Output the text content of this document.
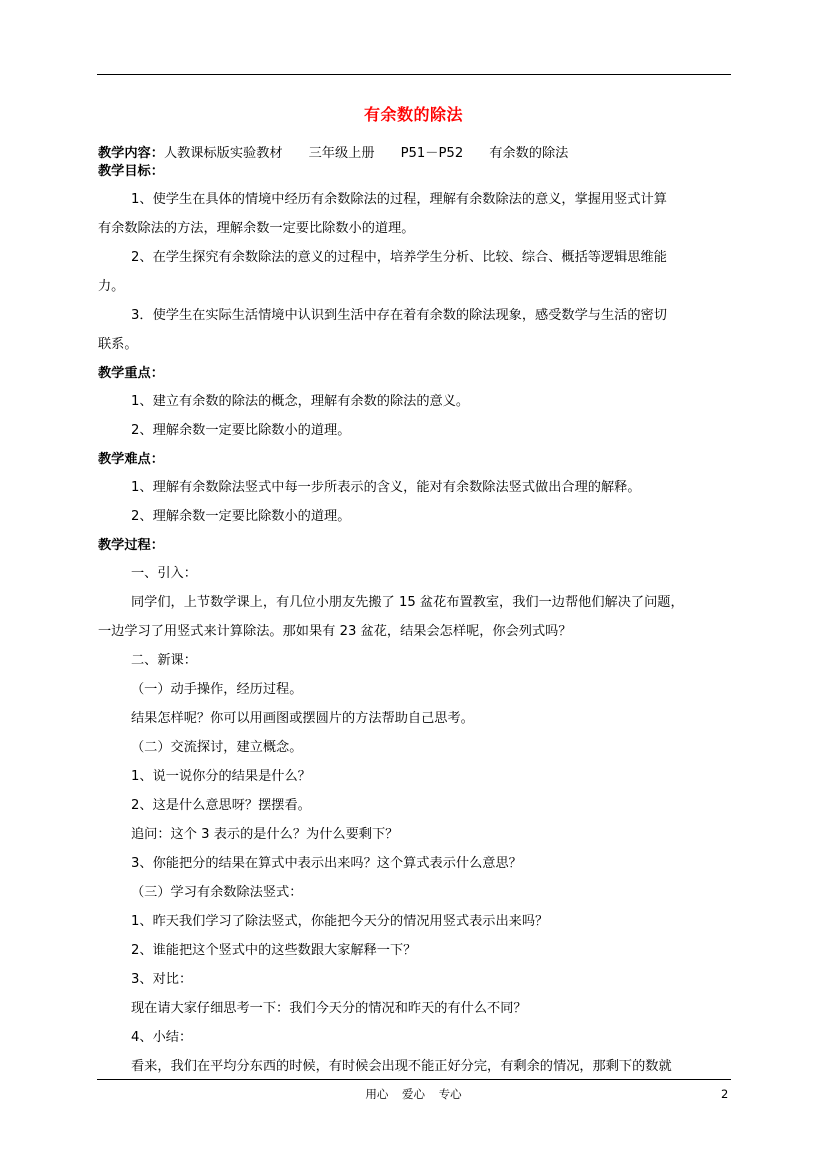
有余数的除法
教学内容：人教课标版实验教材 三年级上册 P51－P52 有余数的除法
教学目标：
1、使学生在具体的情境中经历有余数除法的过程，理解有余数除法的意义，掌握用竖式计算
有余数除法的方法，理解余数一定要比除数小的道理。
2、在学生探究有余数除法的意义的过程中，培养学生分析、比较、综合、概括等逻辑思维能
力。
3．使学生在实际生活情境中认识到生活中存在着有余数的除法现象，感受数学与生活的密切
联系。
教学重点：
1、建立有余数的除法的概念，理解有余数的除法的意义。
2、理解余数一定要比除数小的道理。
教学难点：
1、理解有余数除法竖式中每一步所表示的含义，能对有余数除法竖式做出合理的解释。
2、理解余数一定要比除数小的道理。
教学过程：
一、引入：
同学们，上节数学课上，有几位小朋友先搬了 15 盆花布置教室，我们一边帮他们解决了问题，
一边学习了用竖式来计算除法。那如果有 23 盆花，结果会怎样呢，你会列式吗？
二、新课：
（一）动手操作，经历过程。
结果怎样呢？你可以用画图或摆圆片的方法帮助自己思考。
（二）交流探讨，建立概念。
1、说一说你分的结果是什么？
2、这是什么意思呀？摆摆看。
追问：这个 3 表示的是什么？为什么要剩下？
3、你能把分的结果在算式中表示出来吗？这个算式表示什么意思？
（三）学习有余数除法竖式：
1、昨天我们学习了除法竖式，你能把今天分的情况用竖式表示出来吗？
2、谁能把这个竖式中的这些数跟大家解释一下？
3、对比：
现在请大家仔细思考一下：我们今天分的情况和昨天的有什么不同？
4、小结：
看来，我们在平均分东西的时候，有时候会出现不能正好分完，有剩余的情况，那剩下的数就
用心 爱心 专心	2
